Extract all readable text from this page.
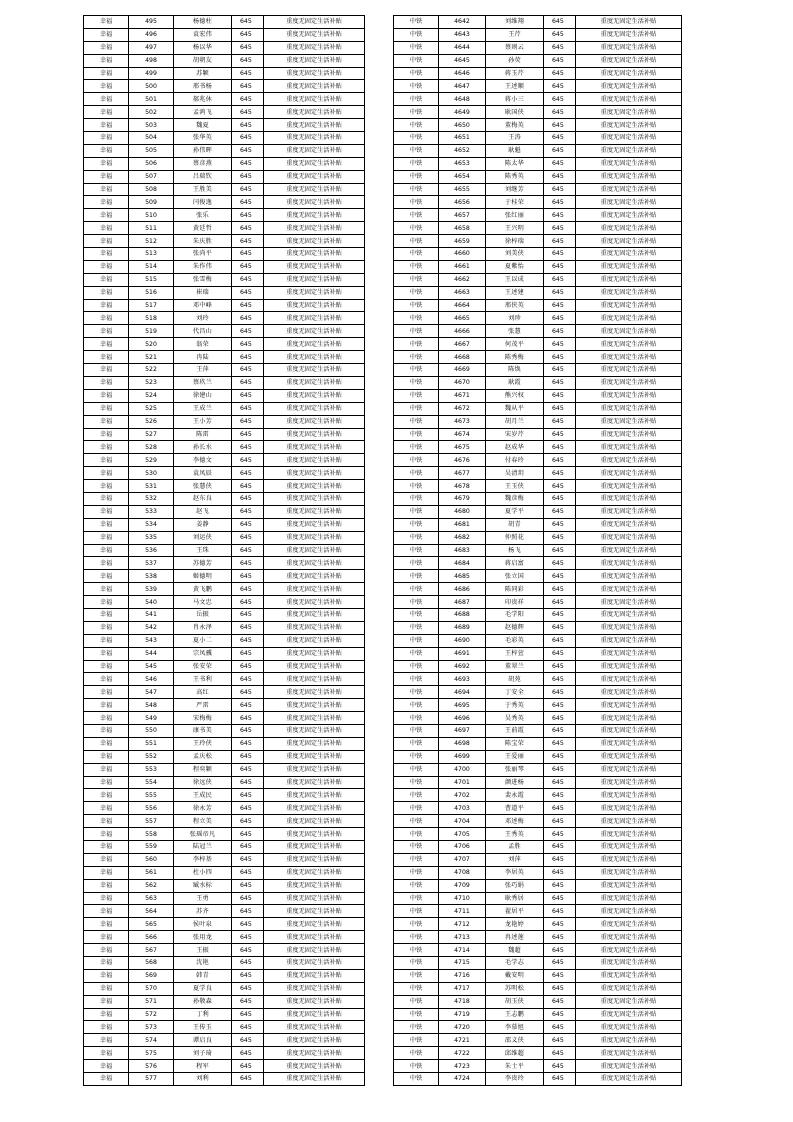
幸福	495	杨德柱	645	重度无固定生活补贴
幸福	496	袁宏伟	645	重度无固定生活补贴
幸福	497	杨以华	645	重度无固定生活补贴
幸福	498	胡朝友	645	重度无固定生活补贴
幸福	499	苏颖	645	重度无固定生活补贴
幸福	500	邢书杨	645	重度无固定生活补贴
幸福	501	郝兆休	645	重度无固定生活补贴
幸福	502	孟鸿飞	645	重度无固定生活补贴
幸福	503	魏夏	645	重度无固定生活补贴
幸福	504	张华英	645	重度无固定生活补贴
幸福	505	孙伟晖	645	重度无固定生活补贴
幸福	506	蔡彦燕	645	重度无固定生活补贴
幸福	507	吕瑞钦	645	重度无固定生活补贴
幸福	508	王胜美	645	重度无固定生活补贴
幸福	509	闫俊逸	645	重度无固定生活补贴
幸福	510	张乐	645	重度无固定生活补贴
幸福	511	黄廷哲	645	重度无固定生活补贴
幸福	512	朱庆胜	645	重度无固定生活补贴
幸福	513	张尚平	645	重度无固定生活补贴
幸福	514	朱作伟	645	重度无固定生活补贴
幸福	515	张雪梅	645	重度无固定生活补贴
幸福	516	崔瑞	645	重度无固定生活补贴
幸福	517	邓中峰	645	重度无固定生活补贴
幸福	518	刘玲	645	重度无固定生活补贴
幸福	519	代昌山	645	重度无固定生活补贴
幸福	520	翁荣	645	重度无固定生活补贴
幸福	521	冉陆	645	重度无固定生活补贴
幸福	522	王萍	645	重度无固定生活补贴
幸福	523	蔡玖兰	645	重度无固定生活补贴
幸福	524	徐建山	645	重度无固定生活补贴
幸福	525	王成兰	645	重度无固定生活补贴
幸福	526	王小芳	645	重度无固定生活补贴
幸福	527	陈雷	645	重度无固定生活补贴
幸福	528	孙长水	645	重度无固定生活补贴
幸福	529	李德文	645	重度无固定生活补贴
幸福	530	袁凤辰	645	重度无固定生活补贴
幸福	531	张慧侠	645	重度无固定生活补贴
幸福	532	赵东良	645	重度无固定生活补贴
幸福	533	赵飞	645	重度无固定生活补贴
幸福	534	姜静	645	重度无固定生活补贴
幸福	535	刘运侠	645	重度无固定生活补贴
幸福	536	王珠	645	重度无固定生活补贴
幸福	537	苏德芳	645	重度无固定生活补贴
幸福	538	姬德明	645	重度无固定生活补贴
幸福	539	黄飞鹏	645	重度无固定生活补贴
幸福	540	马文忠	645	重度无固定生活补贴
幸福	541	岳振	645	重度无固定生活补贴
幸福	542	肖永泽	645	重度无固定生活补贴
幸福	543	夏小二	645	重度无固定生活补贴
幸福	544	宗凤骥	645	重度无固定生活补贴
幸福	545	张安荣	645	重度无固定生活补贴
幸福	546	王书利	645	重度无固定生活补贴
幸福	547	高红	645	重度无固定生活补贴
幸福	548	严雷	645	重度无固定生活补贴
幸福	549	宋梅梅	645	重度无固定生活补贴
幸福	550	康书美	645	重度无固定生活补贴
幸福	551	王玲侠	645	重度无固定生活补贴
幸福	552	孟庆松	645	重度无固定生活补贴
幸福	553	程奕颖	645	重度无固定生活补贴
幸福	554	徐远侠	645	重度无固定生活补贴
幸福	555	王成民	645	重度无固定生活补贴
幸福	556	徐永芳	645	重度无固定生活补贴
幸福	557	程立美	645	重度无固定生活补贴
幸福	558	张瑶帝凡	645	重度无固定生活补贴
幸福	559	陆冠兰	645	重度无固定生活补贴
幸福	560	李梓基	645	重度无固定生活补贴
幸福	561	杜小四	645	重度无固定生活补贴
幸福	562	臧水标	645	重度无固定生活补贴
幸福	563	王勇	645	重度无固定生活补贴
幸福	564	苏齐	645	重度无固定生活补贴
幸福	565	侯叶泉	645	重度无固定生活补贴
幸福	566	张用龙	645	重度无固定生活补贴
幸福	567	王振	645	重度无固定生活补贴
幸福	568	沈艳	645	重度无固定生活补贴
幸福	569	韩青	645	重度无固定生活补贴
幸福	570	夏学良	645	重度无固定生活补贴
幸福	571	孙敬森	645	重度无固定生活补贴
幸福	572	丁利	645	重度无固定生活补贴
幸福	573	王传玉	645	重度无固定生活补贴
幸福	574	谭启良	645	重度无固定生活补贴
幸福	575	刘子琦	645	重度无固定生活补贴
幸福	576	程军	645	重度无固定生活补贴
幸福	577	刘利	645	重度无固定生活补贴
中铁	4642	刘维翔	645	重度无固定生活补贴
中铁	4643	王芹	645	重度无固定生活补贴
中铁	4644	蔡则云	645	重度无固定生活补贴
中铁	4645	孙荧	645	重度无固定生活补贴
中铁	4646	蒋玉芹	645	重度无固定生活补贴
中铁	4647	王述顺	645	重度无固定生活补贴
中铁	4648	蒋小三	645	重度无固定生活补贴
中铁	4649	耿国侠	645	重度无固定生活补贴
中铁	4650	董梅英	645	重度无固定生活补贴
中铁	4651	王涛	645	重度无固定生活补贴
中铁	4652	耿魁	645	重度无固定生活补贴
中铁	4653	陈太华	645	重度无固定生活补贴
中铁	4654	陈秀英	645	重度无固定生活补贴
中铁	4655	刘继芳	645	重度无固定生活补贴
中铁	4656	于桂荣	645	重度无固定生活补贴
中铁	4657	张红丽	645	重度无固定生活补贴
中铁	4658	王兴明	645	重度无固定生活补贴
中铁	4659	徐梓瑞	645	重度无固定生活补贴
中铁	4660	刘美侠	645	重度无固定生活补贴
中铁	4661	夏紫怡	645	重度无固定生活补贴
中铁	4662	王以成	645	重度无固定生活补贴
中铁	4663	王述建	645	重度无固定生活补贴
中铁	4664	邢侠英	645	重度无固定生活补贴
中铁	4665	刘珍	645	重度无固定生活补贴
中铁	4666	张慧	645	重度无固定生活补贴
中铁	4667	何茂平	645	重度无固定生活补贴
中铁	4668	陈秀梅	645	重度无固定生活补贴
中铁	4669	陈焕	645	重度无固定生活补贴
中铁	4670	耿霞	645	重度无固定生活补贴
中铁	4671	熊兴权	645	重度无固定生活补贴
中铁	4672	魏从平	645	重度无固定生活补贴
中铁	4673	胡月兰	645	重度无固定生活补贴
中铁	4674	宋岁芹	645	重度无固定生活补贴
中铁	4675	赵成华	645	重度无固定生活补贴
中铁	4676	付春玲	645	重度无固定生活补贴
中铁	4677	吴清玥	645	重度无固定生活补贴
中铁	4678	王玉侠	645	重度无固定生活补贴
中铁	4679	魏彦梅	645	重度无固定生活补贴
中铁	4680	夏学平	645	重度无固定生活补贴
中铁	4681	胡青	645	重度无固定生活补贴
中铁	4682	仲照花	645	重度无固定生活补贴
中铁	4683	杨飞	645	重度无固定生活补贴
中铁	4684	蒋启富	645	重度无固定生活补贴
中铁	4685	张立国	645	重度无固定生活补贴
中铁	4686	陈同彩	645	重度无固定生活补贴
中铁	4687	印贵祥	645	重度无固定生活补贴
中铁	4688	毛学阳	645	重度无固定生活补贴
中铁	4689	赵德辉	645	重度无固定生活补贴
中铁	4690	毛彩英	645	重度无固定生活补贴
中铁	4691	王梓萱	645	重度无固定生活补贴
中铁	4692	董翠兰	645	重度无固定生活补贴
中铁	4693	胡苑	645	重度无固定生活补贴
中铁	4694	丁安全	645	重度无固定生活补贴
中铁	4695	于秀英	645	重度无固定生活补贴
中铁	4696	吴秀英	645	重度无固定生活补贴
中铁	4697	王前霞	645	重度无固定生活补贴
中铁	4698	陈宝荣	645	重度无固定生活补贴
中铁	4699	王爱丽	645	重度无固定生活补贴
中铁	4700	张丽琴	645	重度无固定生活补贴
中铁	4701	颜进杨	645	重度无固定生活补贴
中铁	4702	裴永霞	645	重度无固定生活补贴
中铁	4703	曹道平	645	重度无固定生活补贴
中铁	4704	邓述梅	645	重度无固定生活补贴
中铁	4705	王秀英	645	重度无固定生活补贴
中铁	4706	孟胜	645	重度无固定生活补贴
中铁	4707	刘萍	645	重度无固定生活补贴
中铁	4708	李居英	645	重度无固定生活补贴
中铁	4709	张巧娟	645	重度无固定生活补贴
中铁	4710	耿秀居	645	重度无固定生活补贴
中铁	4711	翟居平	645	重度无固定生活补贴
中铁	4712	龙艳婷	645	重度无固定生活补贴
中铁	4713	冉述莲	645	重度无固定生活补贴
中铁	4714	魏超	645	重度无固定生活补贴
中铁	4715	毛学志	645	重度无固定生活补贴
中铁	4716	戴安明	645	重度无固定生活补贴
中铁	4717	苏明松	645	重度无固定生活补贴
中铁	4718	胡玉侠	645	重度无固定生活补贴
中铁	4719	王志鹏	645	重度无固定生活补贴
中铁	4720	李慕旭	645	重度无固定生活补贴
中铁	4721	邵义侠	645	重度无固定生活补贴
中铁	4722	邱维超	645	重度无固定生活补贴
中铁	4723	朱士平	645	重度无固定生活补贴
中铁	4724	李贵玲	645	重度无固定生活补贴
